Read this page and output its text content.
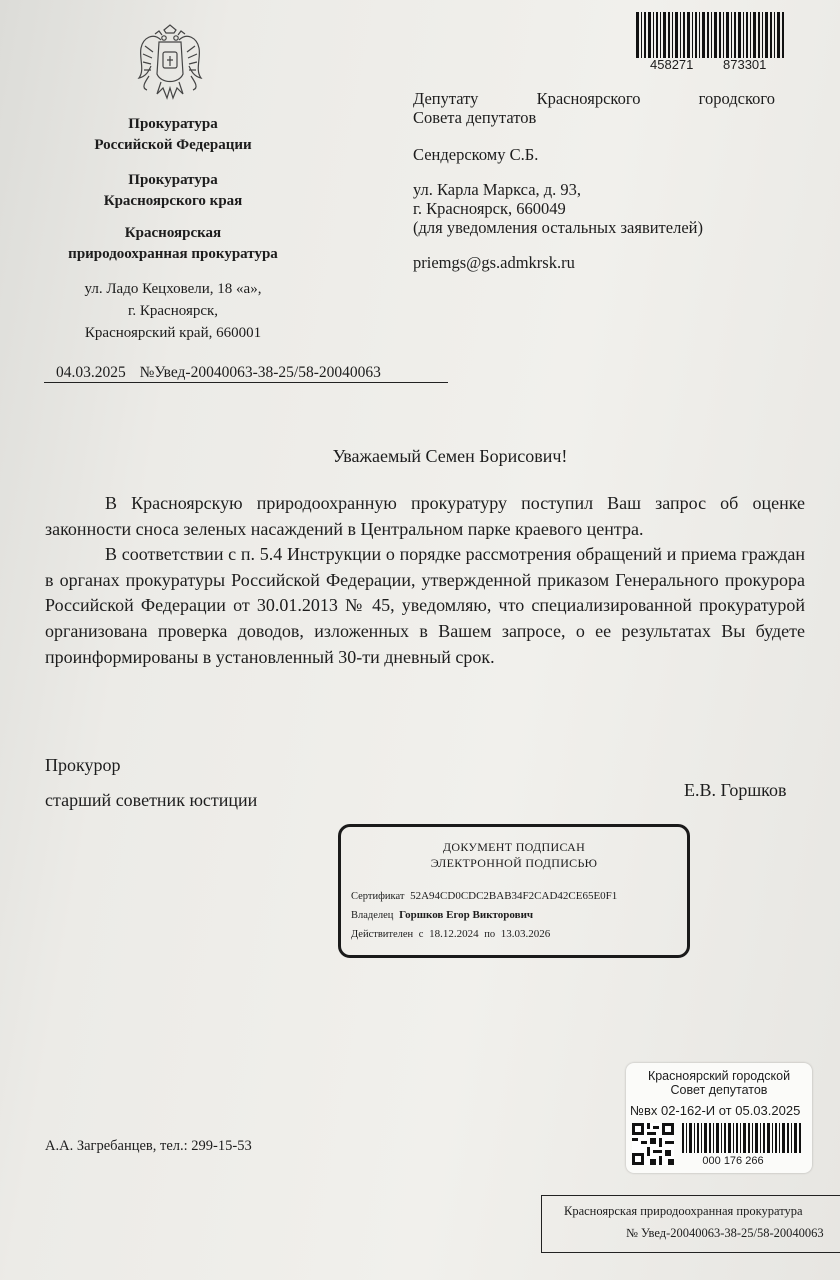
458271 873301
Прокуратура
Российской Федерации
Прокуратура
Красноярского края
Красноярская
природоохранная прокуратура
ул. Ладо Кецховели, 18 «а»,
г. Красноярск,
Красноярский край, 660001
04.03.2025 №Увед-20040063-38-25/58-20040063
Депутату Красноярского городского
Совета депутатов
Сендерскому С.Б.
ул. Карла Маркса, д. 93,
г. Красноярск, 660049
(для уведомления остальных заявителей)
priemgs@gs.admkrsk.ru
Уважаемый Семен Борисович!

В Красноярскую природоохранную прокуратуру поступил Ваш запрос об оценке законности сноса зеленых насаждений в Центральном парке краевого центра.

В соответствии с п. 5.4 Инструкции о порядке рассмотрения обращений и приема граждан в органах прокуратуры Российской Федерации, утвержденной приказом Генерального прокурора Российской Федерации от 30.01.2013 № 45, уведомляю, что специализированной прокуратурой организована проверка доводов, изложенных в Вашем запросе, о ее результатах Вы будете проинформированы в установленный 30-ти дневный срок.

Прокурор
старший советник юстиции	Е.В. Горшков
ДОКУМЕНТ ПОДПИСАН
ЭЛЕКТРОННОЙ ПОДПИСЬЮ
Сертификат 52A94CD0CDC2BAB34F2CAD42CE65E0F1
Владелец Горшков Егор Викторович
Действителен с 18.12.2024 по 13.03.2026
Красноярский городской
Совет депутатов
№вх 02-162-И от 05.03.2025
000 176 266
А.А. Загребанцев, тел.: 299-15-53
Красноярская природоохранная прокуратура
№ Увед-20040063-38-25/58-20040063
